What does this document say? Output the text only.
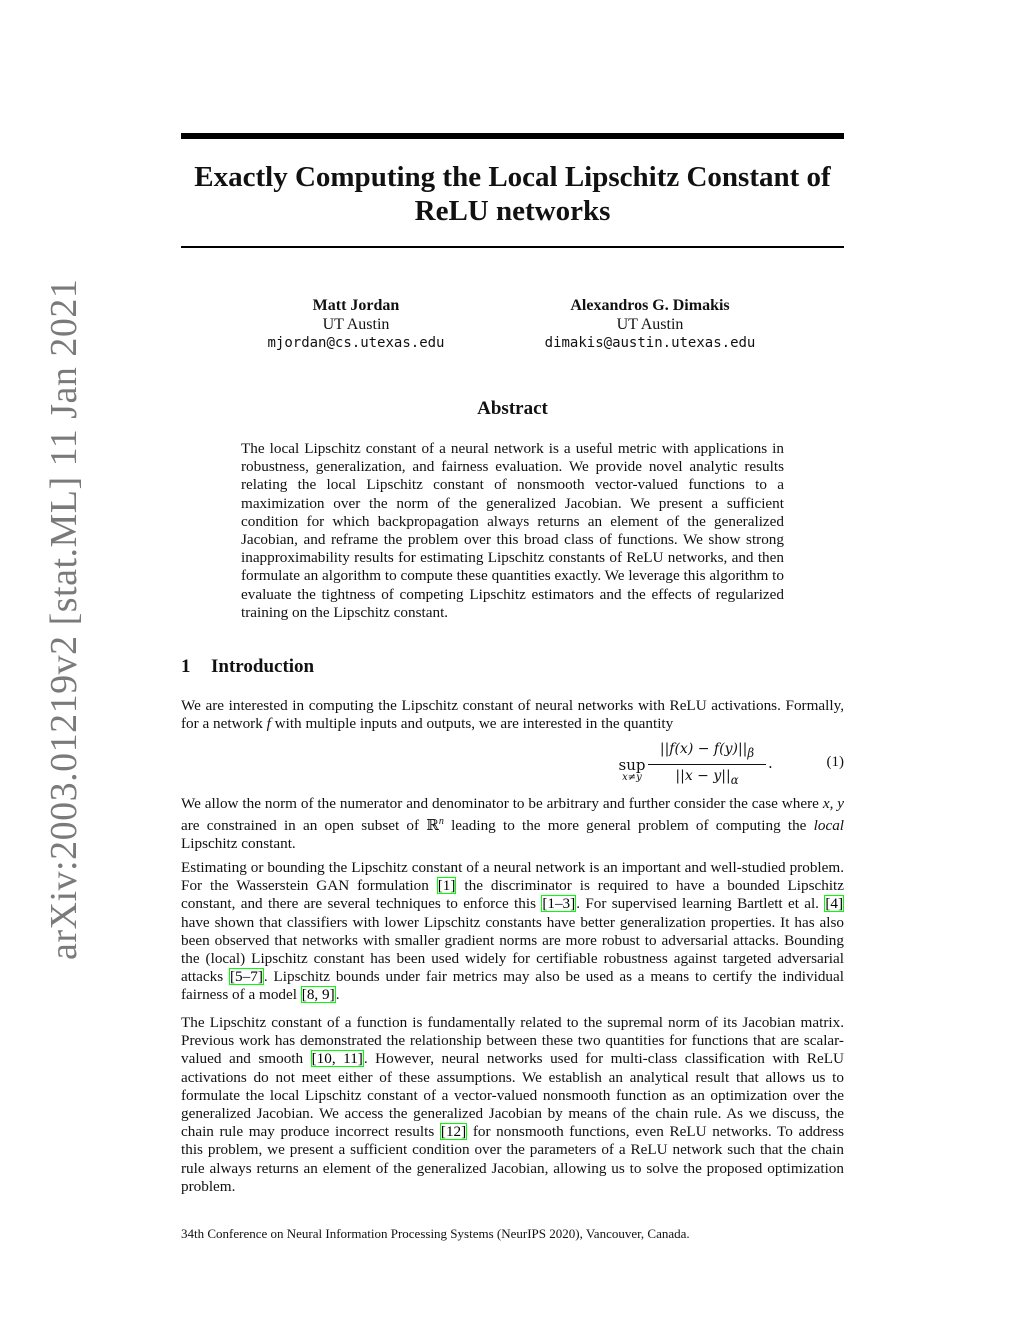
arXiv:2003.01219v2 [stat.ML] 11 Jan 2021
Exactly Computing the Local Lipschitz Constant of
ReLU networks
Matt Jordan
UT Austin
mjordan@cs.utexas.edu
Alexandros G. Dimakis
UT Austin
dimakis@austin.utexas.edu
Abstract
The local Lipschitz constant of a neural network is a useful metric with applications in robustness, generalization, and fairness evaluation. We provide novel analytic results relating the local Lipschitz constant of nonsmooth vector-valued functions to a maximization over the norm of the generalized Jacobian. We present a sufficient condition for which backpropagation always returns an element of the generalized Jacobian, and reframe the problem over this broad class of functions. We show strong inapproximability results for estimating Lipschitz constants of ReLU networks, and then formulate an algorithm to compute these quantities exactly. We leverage this algorithm to evaluate the tightness of competing Lipschitz estimators and the effects of regularized training on the Lipschitz constant.
1 Introduction
We are interested in computing the Lipschitz constant of neural networks with ReLU activations. Formally, for a network f with multiple inputs and outputs, we are interested in the quantity
sup
x≠y
$||f(x) - f(y)||_\beta$
$||x - y||_\alpha$
.	(1)
We allow the norm of the numerator and denominator to be arbitrary and further consider the case where x, y are constrained in an open subset of ℝ$^n$ leading to the more general problem of computing the local Lipschitz constant.
Estimating or bounding the Lipschitz constant of a neural network is an important and well-studied problem. For the Wasserstein GAN formulation [1] the discriminator is required to have a bounded Lipschitz constant, and there are several techniques to enforce this [1–3]. For supervised learning Bartlett et al. [4] have shown that classifiers with lower Lipschitz constants have better generalization properties. It has also been observed that networks with smaller gradient norms are more robust to adversarial attacks. Bounding the (local) Lipschitz constant has been used widely for certifiable robustness against targeted adversarial attacks [5–7]. Lipschitz bounds under fair metrics may also be used as a means to certify the individual fairness of a model [8, 9].
The Lipschitz constant of a function is fundamentally related to the supremal norm of its Jacobian matrix. Previous work has demonstrated the relationship between these two quantities for functions that are scalar-valued and smooth [10, 11]. However, neural networks used for multi-class classification with ReLU activations do not meet either of these assumptions. We establish an analytical result that allows us to formulate the local Lipschitz constant of a vector-valued nonsmooth function as an optimization over the generalized Jacobian. We access the generalized Jacobian by means of the chain rule. As we discuss, the chain rule may produce incorrect results [12] for nonsmooth functions, even ReLU networks. To address this problem, we present a sufficient condition over the parameters of a ReLU network such that the chain rule always returns an element of the generalized Jacobian, allowing us to solve the proposed optimization problem.
34th Conference on Neural Information Processing Systems (NeurIPS 2020), Vancouver, Canada.
